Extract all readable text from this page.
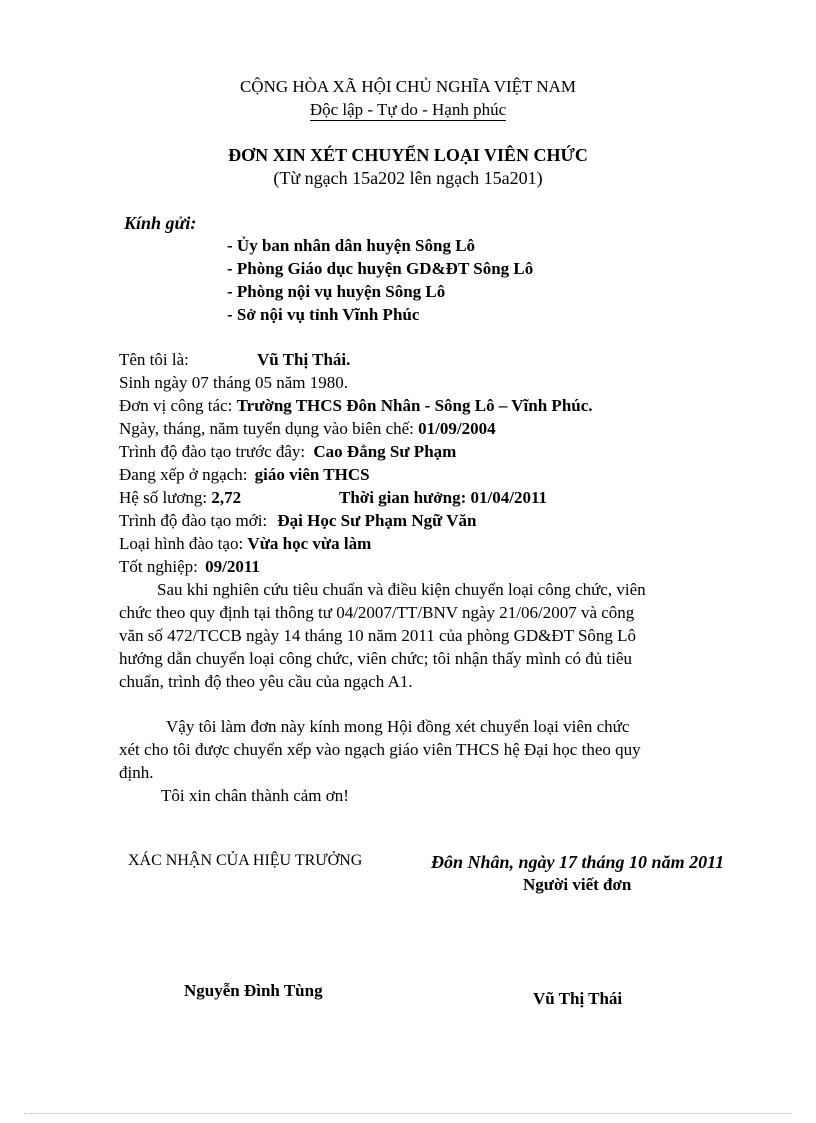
CỘNG HÒA XÃ HỘI CHỦ NGHĨA VIỆT NAM
Độc lập - Tự do - Hạnh phúc
ĐƠN XIN XÉT CHUYỂN LOẠI VIÊN CHỨC
(Từ ngạch 15a202 lên ngạch 15a201)
Kính gửi:
- Ủy ban nhân dân huyện Sông Lô
- Phòng Giáo dục huyện GD&ĐT Sông Lô
- Phòng nội vụ huyện Sông Lô
- Sở nội vụ tỉnh Vĩnh Phúc
Tên tôi là:	Vũ Thị Thái.
Sinh ngày 07 tháng 05 năm 1980.
Đơn vị công tác: Trường THCS Đôn Nhân - Sông Lô – Vĩnh Phúc.
Ngày, tháng, năm tuyển dụng vào biên chế: 01/09/2004
Trình độ đào tạo trước đây: Cao Đẳng Sư Phạm
Đang xếp ở ngạch: giáo viên THCS
Hệ số lương: 2,72	Thời gian hưởng: 01/04/2011
Trình độ đào tạo mới: Đại Học Sư Phạm Ngữ Văn
Loại hình đào tạo: Vừa học vừa làm
Tốt nghiệp: 09/2011
Sau khi nghiên cứu tiêu chuẩn và điều kiện chuyển loại công chức, viên
chức theo quy định tại thông tư 04/2007/TT/BNV ngày 21/06/2007 và công
văn số 472/TCCB ngày 14 tháng 10 năm 2011 của phòng GD&ĐT Sông Lô
hướng dẫn chuyển loại công chức, viên chức; tôi nhận thấy mình có đủ tiêu
chuẩn, trình độ theo yêu cầu của ngạch A1.
Vậy tôi làm đơn này kính mong Hội đồng xét chuyển loại viên chức
xét cho tôi được chuyển xếp vào ngạch giáo viên THCS hệ Đại học theo quy
định.
Tôi xin chân thành cảm ơn!
XÁC NHẬN CỦA HIỆU TRƯỞNG	Đôn Nhân, ngày 17 tháng 10 năm 2011
Người viết đơn
Nguyễn Đình Tùng	Vũ Thị Thái
